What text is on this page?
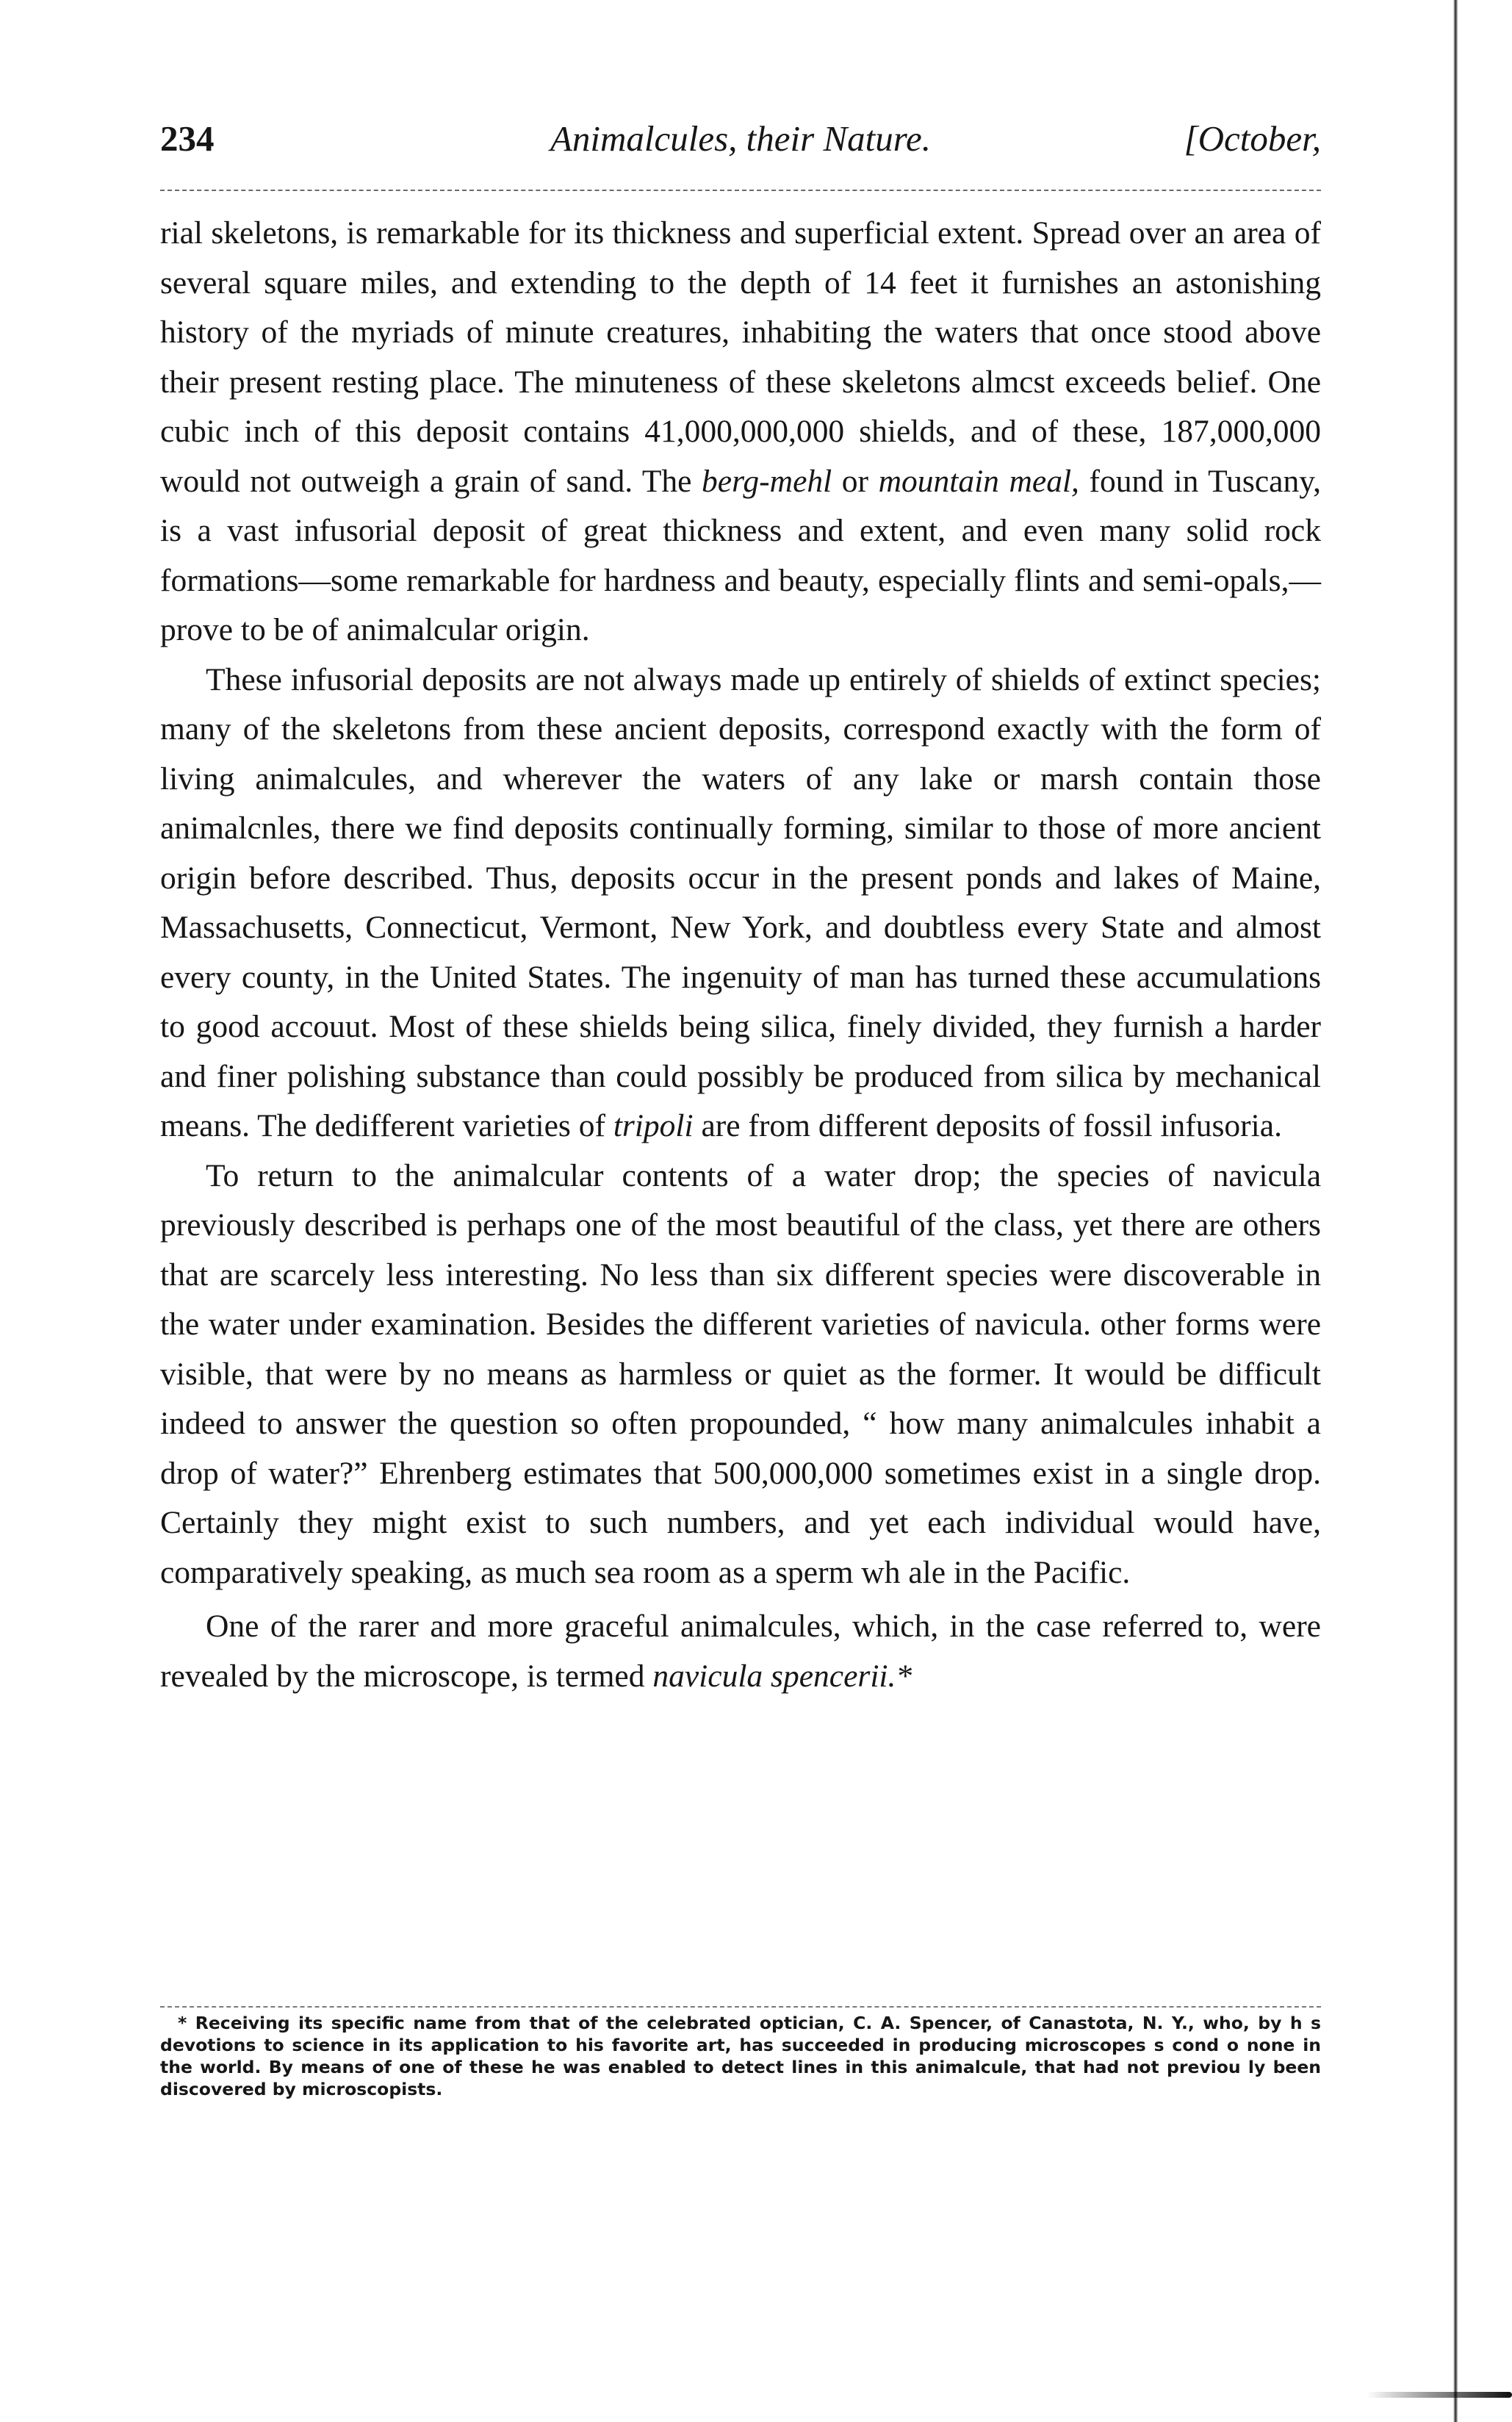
234	Animalcules, their Nature.	[October,

rial skeletons, is remarkable for its thickness and superficial extent. Spread over an area of several square miles, and extending to the depth of 14 feet it furnishes an astonishing history of the myriads of minute creatures, inhabiting the waters that once stood above their present resting place. The minuteness of these skeletons almcst exceeds belief. One cubic inch of this deposit contains 41,000,000,000 shields, and of these, 187,000,000 would not outweigh a grain of sand. The berg-mehl or mountain meal, found in Tuscany, is a vast infusorial deposit of great thickness and extent, and even many solid rock formations—some remarkable for hardness and beauty, especially flints and semi-opals,—prove to be of animalcular origin.

These infusorial deposits are not always made up entirely of shields of extinct species; many of the skeletons from these ancient deposits, correspond exactly with the form of living animalcules, and wherever the waters of any lake or marsh contain those animalcnles, there we find deposits continually forming, similar to those of more ancient origin before described. Thus, deposits occur in the present ponds and lakes of Maine, Massachusetts, Connecticut, Vermont, New York, and doubtless every State and almost every county, in the United States. The ingenuity of man has turned these accumulations to good accouut. Most of these shields being silica, finely divided, they furnish a harder and finer polishing substance than could possibly be produced from silica by mechanical means. The dedifferent varieties of tripoli are from different deposits of fossil infusoria.

To return to the animalcular contents of a water drop; the species of navicula previously described is perhaps one of the most beautiful of the class, yet there are others that are scarcely less interesting. No less than six different species were discoverable in the water under examination. Besides the different varieties of navicula. other forms were visible, that were by no means as harmless or quiet as the former. It would be difficult indeed to answer the question so often propounded, “ how many animalcules inhabit a drop of water?” Ehrenberg estimates that 500,000,000 sometimes exist in a single drop. Certainly they might exist to such numbers, and yet each individual would have, comparatively speaking, as much sea room as a sperm wh ale in the Pacific.

One of the rarer and more graceful animalcules, which, in the case referred to, were revealed by the microscope, is termed navicula spencerii.*

* Receiving its specific name from that of the celebrated optician, C. A. Spencer, of Canastota, N. Y., who, by h s devotions to science in its application to his favorite art, has succeeded in producing microscopes s cond o none in the world. By means of one of these he was enabled to detect lines in this animalcule, that had not previou ly been discovered by microscopists.
